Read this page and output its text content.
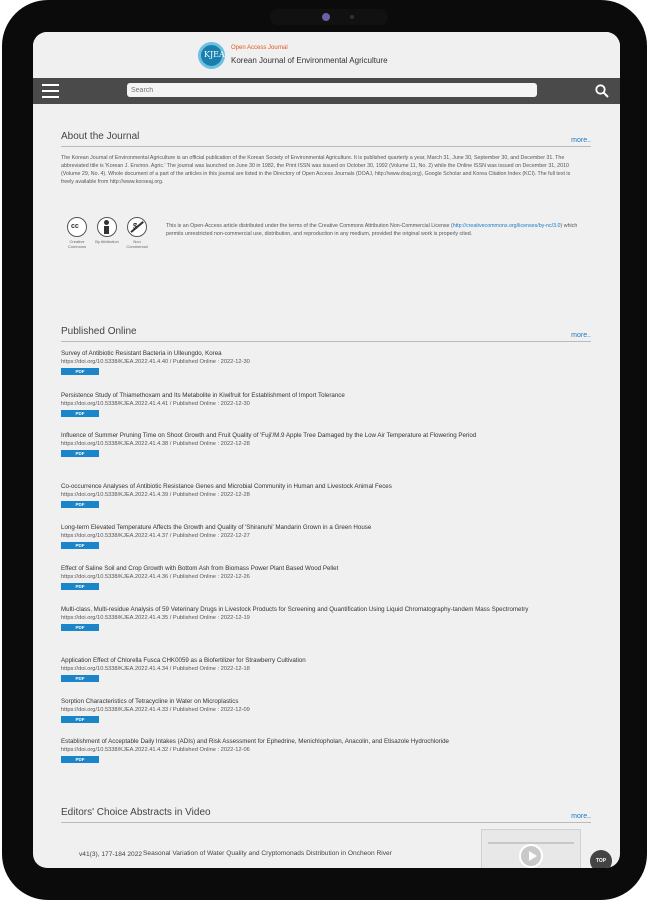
KJEA
Open Access Journal
Korean Journal of Environmental Agriculture
Search
About the Journal	more..
The Korean Journal of Environmental Agriculture is an official publication of the Korean Society of Environmental Agriculture. It is published quarterly a year, March 31, June 30, September 30, and December 31. The abbreviated title is 'Korean J. Environ. Agric.' The journal was launched on June 30 in 1982, the Print ISSN was issued on October 30, 1992 (Volume 11, No. 2) while the Online ISSN was issued on December 31, 2010 (Volume 29, No. 4). Whole document of a part of the articles in this journal are listed in the Directory of Open Access Journals (DOAJ, http://www.doaj.org), Google Scholar and Korea Citation Index (KCI). The full text is freely available from http://www.korseaj.org.
cc
Creative Commons
By Attribution	Non Commercial
This is an Open-Access article distributed under the terms of the Creative Commons Attribution Non-Commercial License (http://creativecommons.org/licenses/by-nc/3.0) which permits unrestricted non-commercial use, distribution, and reproduction in any medium, provided the original work is properly cited.
Published Online	more..
Survey of Antibiotic Resistant Bacteria in Ulleungdo, Korea
https://doi.org/10.5338/KJEA.2022.41.4.40 / Published Online : 2022-12-30
PDF
Persistence Study of Thiamethoxam and Its Metabolite in Kiwifruit for Establishment of Import Tolerance
https://doi.org/10.5338/KJEA.2022.41.4.41 / Published Online : 2022-12-30
PDF
Influence of Summer Pruning Time on Shoot Growth and Fruit Quality of 'Fuji'/M.9 Apple Tree Damaged by the Low Air Temperature at Flowering Period
https://doi.org/10.5338/KJEA.2022.41.4.38 / Published Online : 2022-12-28
PDF
Co-occurrence Analyses of Antibiotic Resistance Genes and Microbial Community in Human and Livestock Animal Feces
https://doi.org/10.5338/KJEA.2022.41.4.39 / Published Online : 2022-12-28
PDF
Long-term Elevated Temperature Affects the Growth and Quality of 'Shiranuhi' Mandarin Grown in a Green House
https://doi.org/10.5338/KJEA.2022.41.4.37 / Published Online : 2022-12-27
PDF
Effect of Saline Soil and Crop Growth with Bottom Ash from Biomass Power Plant Based Wood Pellet
https://doi.org/10.5338/KJEA.2022.41.4.36 / Published Online : 2022-12-26
PDF
Multi-class, Multi-residue Analysis of 59 Veterinary Drugs in Livestock Products for Screening and Quantification Using Liquid Chromatography-tandem Mass Spectrometry
https://doi.org/10.5338/KJEA.2022.41.4.35 / Published Online : 2022-12-19
PDF
Application Effect of Chlorella Fusca CHK0059 as a Biofertilizer for Strawberry Cultivation
https://doi.org/10.5338/KJEA.2022.41.4.34 / Published Online : 2022-12-18
PDF
Sorption Characteristics of Tetracycline in Water on Microplastics
https://doi.org/10.5338/KJEA.2022.41.4.33 / Published Online : 2022-12-09
PDF
Establishment of Acceptable Daily Intakes (ADIs) and Risk Assessment for Ephedrine, Menichlopholan, Anacolin, and Etisazole Hydrochloride
https://doi.org/10.5338/KJEA.2022.41.4.32 / Published Online : 2022-12-06
PDF
Editors' Choice Abstracts in Video	more..
v41(3), 177-184 2022 Seasonal Variation of Water Quality and Cryptomonads Distribution in Oncheon River
TOP
